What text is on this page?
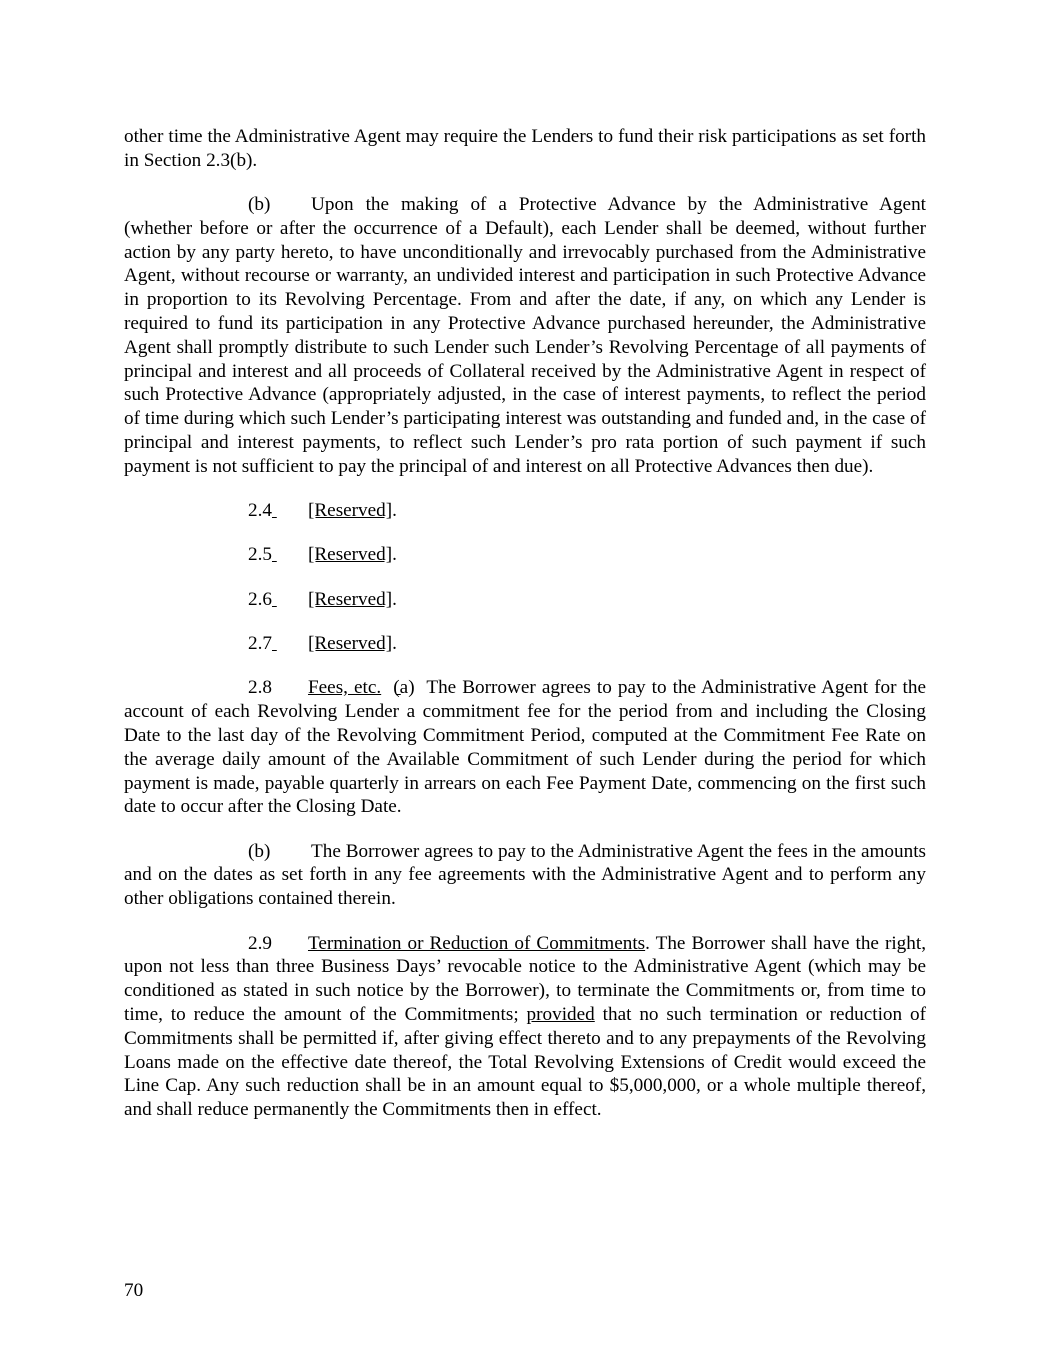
other time the Administrative Agent may require the Lenders to fund their risk participations as set forth in Section 2.3(b).

(b) Upon the making of a Protective Advance by the Administrative Agent (whether before or after the occurrence of a Default), each Lender shall be deemed, without further action by any party hereto, to have unconditionally and irrevocably purchased from the Administrative Agent, without recourse or warranty, an undivided interest and participation in such Protective Advance in proportion to its Revolving Percentage. From and after the date, if any, on which any Lender is required to fund its participation in any Protective Advance purchased hereunder, the Administrative Agent shall promptly distribute to such Lender such Lender’s Revolving Percentage of all payments of principal and interest and all proceeds of Collateral received by the Administrative Agent in respect of such Protective Advance (appropriately adjusted, in the case of interest payments, to reflect the period of time during which such Lender’s participating interest was outstanding and funded and, in the case of principal and interest payments, to reflect such Lender’s pro rata portion of such payment if such payment is not sufficient to pay the principal of and interest on all Protective Advances then due).

2.4 [Reserved].

2.5 [Reserved].

2.6 [Reserved].

2.7 [Reserved].

2.8 Fees, etc.  (a)  The Borrower agrees to pay to the Administrative Agent for the account of each Revolving Lender a commitment fee for the period from and including the Closing Date to the last day of the Revolving Commitment Period, computed at the Commitment Fee Rate on the average daily amount of the Available Commitment of such Lender during the period for which payment is made, payable quarterly in arrears on each Fee Payment Date, commencing on the first such date to occur after the Closing Date.

(b) The Borrower agrees to pay to the Administrative Agent the fees in the amounts and on the dates as set forth in any fee agreements with the Administrative Agent and to perform any other obligations contained therein.

2.9 Termination or Reduction of Commitments. The Borrower shall have the right, upon not less than three Business Days’ revocable notice to the Administrative Agent (which may be conditioned as stated in such notice by the Borrower), to terminate the Commitments or, from time to time, to reduce the amount of the Commitments; provided that no such termination or reduction of Commitments shall be permitted if, after giving effect thereto and to any prepayments of the Revolving Loans made on the effective date thereof, the Total Revolving Extensions of Credit would exceed the Line Cap. Any such reduction shall be in an amount equal to $5,000,000, or a whole multiple thereof, and shall reduce permanently the Commitments then in effect.

70
